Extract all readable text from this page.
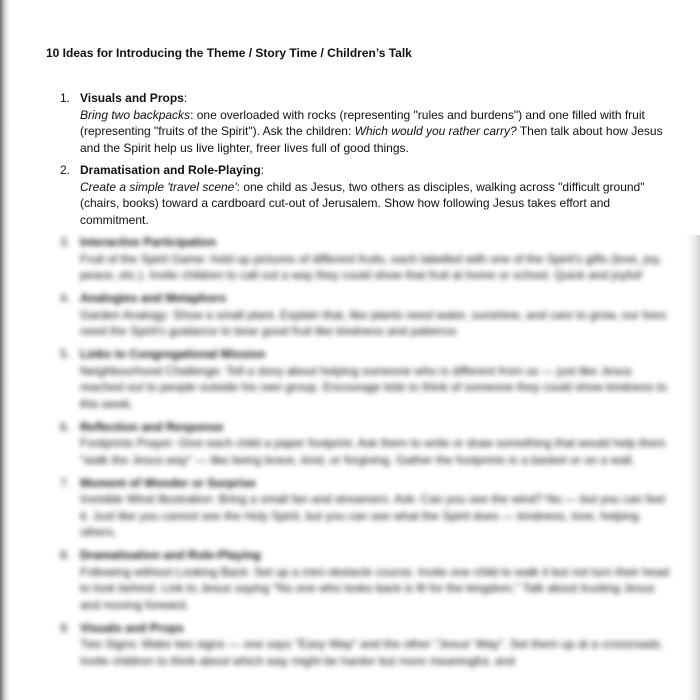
10 Ideas for Introducing the Theme / Story Time / Children’s Talk
1. Visuals and Props:
Bring two backpacks: one overloaded with rocks (representing "rules and burdens") and one filled with fruit (representing "fruits of the Spirit"). Ask the children: Which would you rather carry? Then talk about how Jesus and the Spirit help us live lighter, freer lives full of good things.
2. Dramatisation and Role-Playing:
Create a simple 'travel scene': one child as Jesus, two others as disciples, walking across "difficult ground" (chairs, books) toward a cardboard cut-out of Jerusalem. Show how following Jesus takes effort and commitment.
3. Interactive Participation
Fruit of the Spirit Game: hold up pictures of different fruits, each labelled with one of the Spirit's gifts (love, joy, peace, etc.). Invite children to call out a way they could show that fruit at home or school. Quick and joyful!
4. Analogies and Metaphors
Garden Analogy: Show a small plant. Explain that, like plants need water, sunshine, and care to grow, our lives need the Spirit's guidance to bear good fruit like kindness and patience.
5. Links to Congregational Mission
Neighbourhood Challenge: Tell a story about helping someone who is different from us — just like Jesus reached out to people outside his own group. Encourage kids to think of someone they could show kindness to this week.
6. Reflection and Response
Footprints Prayer: Give each child a paper footprint. Ask them to write or draw something that would help them "walk the Jesus way" — like being brave, kind, or forgiving. Gather the footprints in a basket or on a wall.
7. Moment of Wonder or Surprise
Invisible Wind Illustration: Bring a small fan and streamers. Ask: Can you see the wind? No — but you can feel it. Just like you cannot see the Holy Spirit, but you can see what the Spirit does — kindness, love, helping others.
8. Dramatisation and Role-Playing
Following without Looking Back: Set up a mini obstacle course. Invite one child to walk it but not turn their head to look behind. Link to Jesus saying "No one who looks back is fit for the kingdom." Talk about trusting Jesus and moving forward.
9. Visuals and Props
Two Signs: Make two signs — one says "Easy Way" and the other "Jesus' Way". Set them up at a crossroads. Invite children to think about which way might be harder but more meaningful, and
